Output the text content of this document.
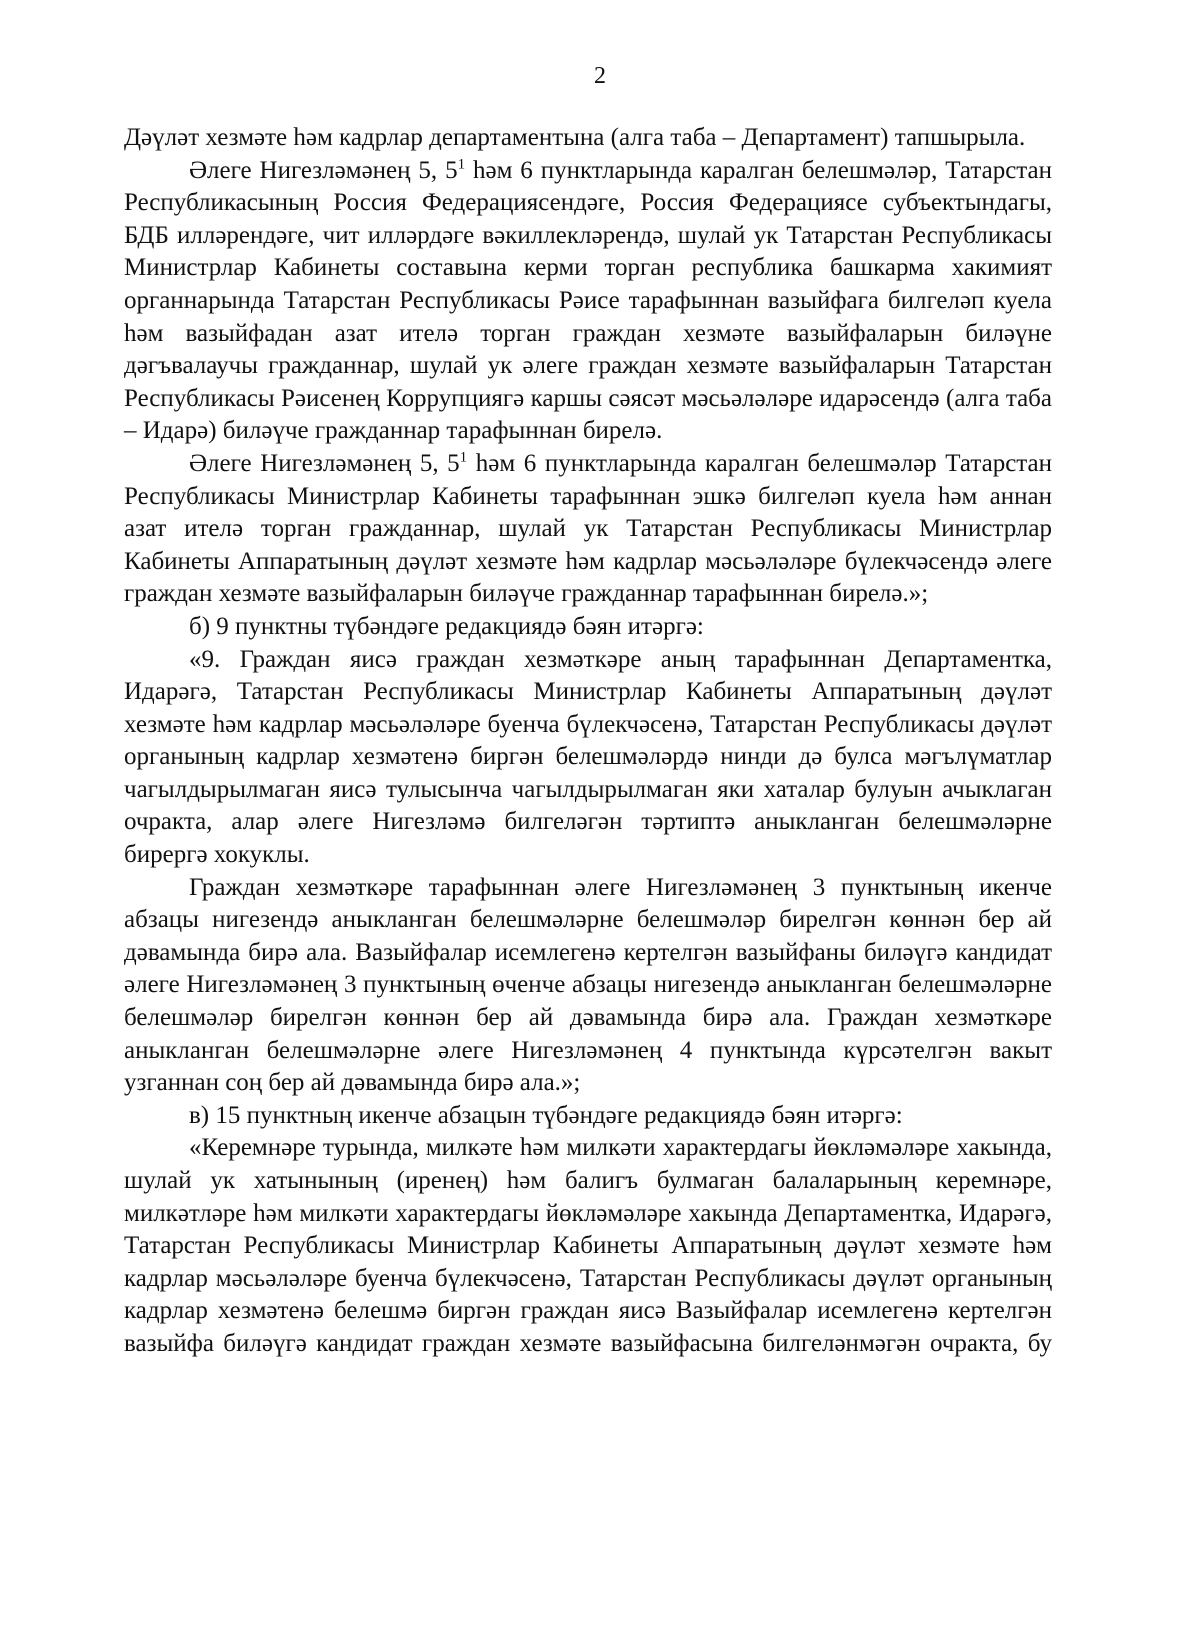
2

Дәүләт хезмәте һәм кадрлар департаментына (алга таба – Департамент) тапшырыла.

Әлеге Нигезләмәнең 5, $5^1$ һәм 6 пунктларында каралган белешмәләр, Татарстан Республикасының Россия Федерациясендәге, Россия Федерациясе субъектындагы, БДБ илләрендәге, чит илләрдәге вәкиллекләрендә, шулай ук Татарстан Республикасы Министрлар Кабинеты составына керми торган республика башкарма хакимият органнарында Татарстан Республикасы Рәисе тарафыннан вазыйфага билгеләп куела һәм вазыйфадан азат ителә торган граждан хезмәте вазыйфаларын биләүне дәгъвалаучы гражданнар, шулай ук әлеге граждан хезмәте вазыйфаларын Татарстан Республикасы Рәисенең Коррупциягә каршы сәясәт мәсьәләләре идарәсендә (алга таба – Идарә) биләүче гражданнар тарафыннан бирелә.

Әлеге Нигезләмәнең 5, $5^1$ һәм 6 пунктларында каралган белешмәләр Татарстан Республикасы Министрлар Кабинеты тарафыннан эшкә билгеләп куела һәм аннан азат ителә торган гражданнар, шулай ук Татарстан Республикасы Министрлар Кабинеты Аппаратының дәүләт хезмәте һәм кадрлар мәсьәләләре бүлекчәсендә әлеге граждан хезмәте вазыйфаларын биләүче гражданнар тарафыннан бирелә.»;

б) 9 пунктны түбәндәге редакциядә бәян итәргә:

«9. Граждан яисә граждан хезмәткәре аның тарафыннан Департаментка, Идарәгә, Татарстан Республикасы Министрлар Кабинеты Аппаратының дәүләт хезмәте һәм кадрлар мәсьәләләре буенча бүлекчәсенә, Татарстан Республикасы дәүләт органының кадрлар хезмәтенә биргән белешмәләрдә нинди дә булса мәгълүматлар чагылдырылмаган яисә тулысынча чагылдырылмаган яки хаталар булуын ачыклаган очракта, алар әлеге Нигезләмә билгеләгән тәртиптә аныкланган белешмәләрне бирергә хокуклы.

Граждан хезмәткәре тарафыннан әлеге Нигезләмәнең 3 пунктының икенче абзацы нигезендә аныкланган белешмәләрне белешмәләр бирелгән көннән бер ай дәвамында бирә ала. Вазыйфалар исемлегенә кертелгән вазыйфаны биләүгә кандидат әлеге Нигезләмәнең 3 пунктының өченче абзацы нигезендә аныкланган белешмәләрне белешмәләр бирелгән көннән бер ай дәвамында бирә ала. Граждан хезмәткәре аныкланган белешмәләрне әлеге Нигезләмәнең 4 пунктында күрсәтелгән вакыт узганнан соң бер ай дәвамында бирә ала.»;

в) 15 пунктның икенче абзацын түбәндәге редакциядә бәян итәргә:

«Керемнәре турында, милкәте һәм милкәти характердагы йөкләмәләре хакында, шулай ук хатынының (иренең) һәм балигъ булмаган балаларының керемнәре, милкәтләре һәм милкәти характердагы йөкләмәләре хакында Департаментка, Идарәгә, Татарстан Республикасы Министрлар Кабинеты Аппаратының дәүләт хезмәте һәм кадрлар мәсьәләләре буенча бүлекчәсенә, Татарстан Республикасы дәүләт органының кадрлар хезмәтенә белешмә биргән граждан яисә Вазыйфалар исемлегенә кертелгән вазыйфа биләүгә кандидат граждан хезмәте вазыйфасына билгеләнмәгән очракта, бу
